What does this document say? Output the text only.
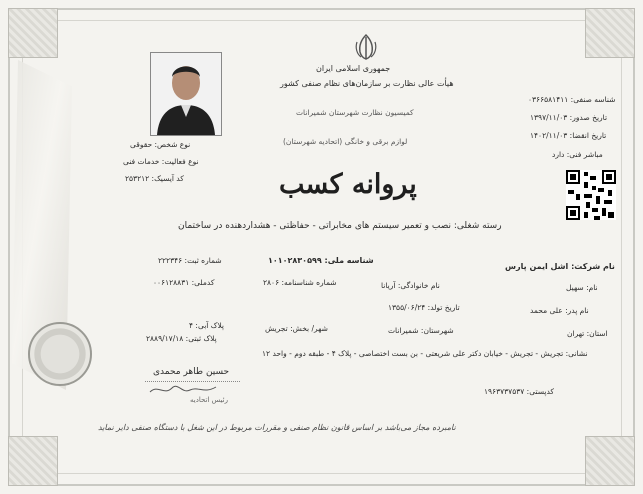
جمهوری اسلامی ایران
هیأت عالی نظارت بر سازمان‌های نظام صنفی کشور
کمیسیون نظارت شهرستان شمیرانات
لوازم برقی و خانگی (اتحادیه شهرستان)
شناسه صنفی: ۰۳۶۶۵۸۱۴۱۱
تاریخ صدور: ۱۳۹۷/۱۱/۰۳
تاریخ انقضا: ۱۴۰۲/۱۱/۰۳
مباشر فنی: دارد
نوع شخص: حقوقی
نوع فعالیت: خدمات فنی
کد آیسیک: ۲۵۳۲۱۲	پروانه کسب
رسته شغلی: نصب و تعمیر سیستم های مخابراتی - حفاظتی - هشداردهنده در ساختمان
نام شرکت: اشل ایمن پارس
شناسه ملی: ۱۰۱۰۲۸۳۰۵۹۹
شماره ثبت: ۲۲۲۳۴۶
نام: سهیل
نام خانوادگی: آریانا
شماره شناسنامه: ۲۸۰۶
کدملی: ۰۰۶۱۲۸۸۳۱
نام پدر: علی محمد
تاریخ تولد: ۱۳۵۵/۰۶/۲۴
استان: تهران
شهرستان: شمیرانات
شهر/ بخش: تجریش
پلاک آبی: ۴
پلاک ثبتی: ۲۸۸۹/۱۷/۱۸
نشانی: تجریش - تجریش - خیابان دکتر علی شریعتی - بن بست اختصاصی - پلاک ۴ - طبقه دوم - واحد ۱۲
کدپستی: ۱۹۶۳۷۳۷۵۳۷
حسین طاهر محمدی
رئیس اتحادیه
نامبرده مجاز می‌باشد بر اساس قانون نظام صنفی و مقررات مربوط در این شغل با دستگاه صنفی دایر نماید
